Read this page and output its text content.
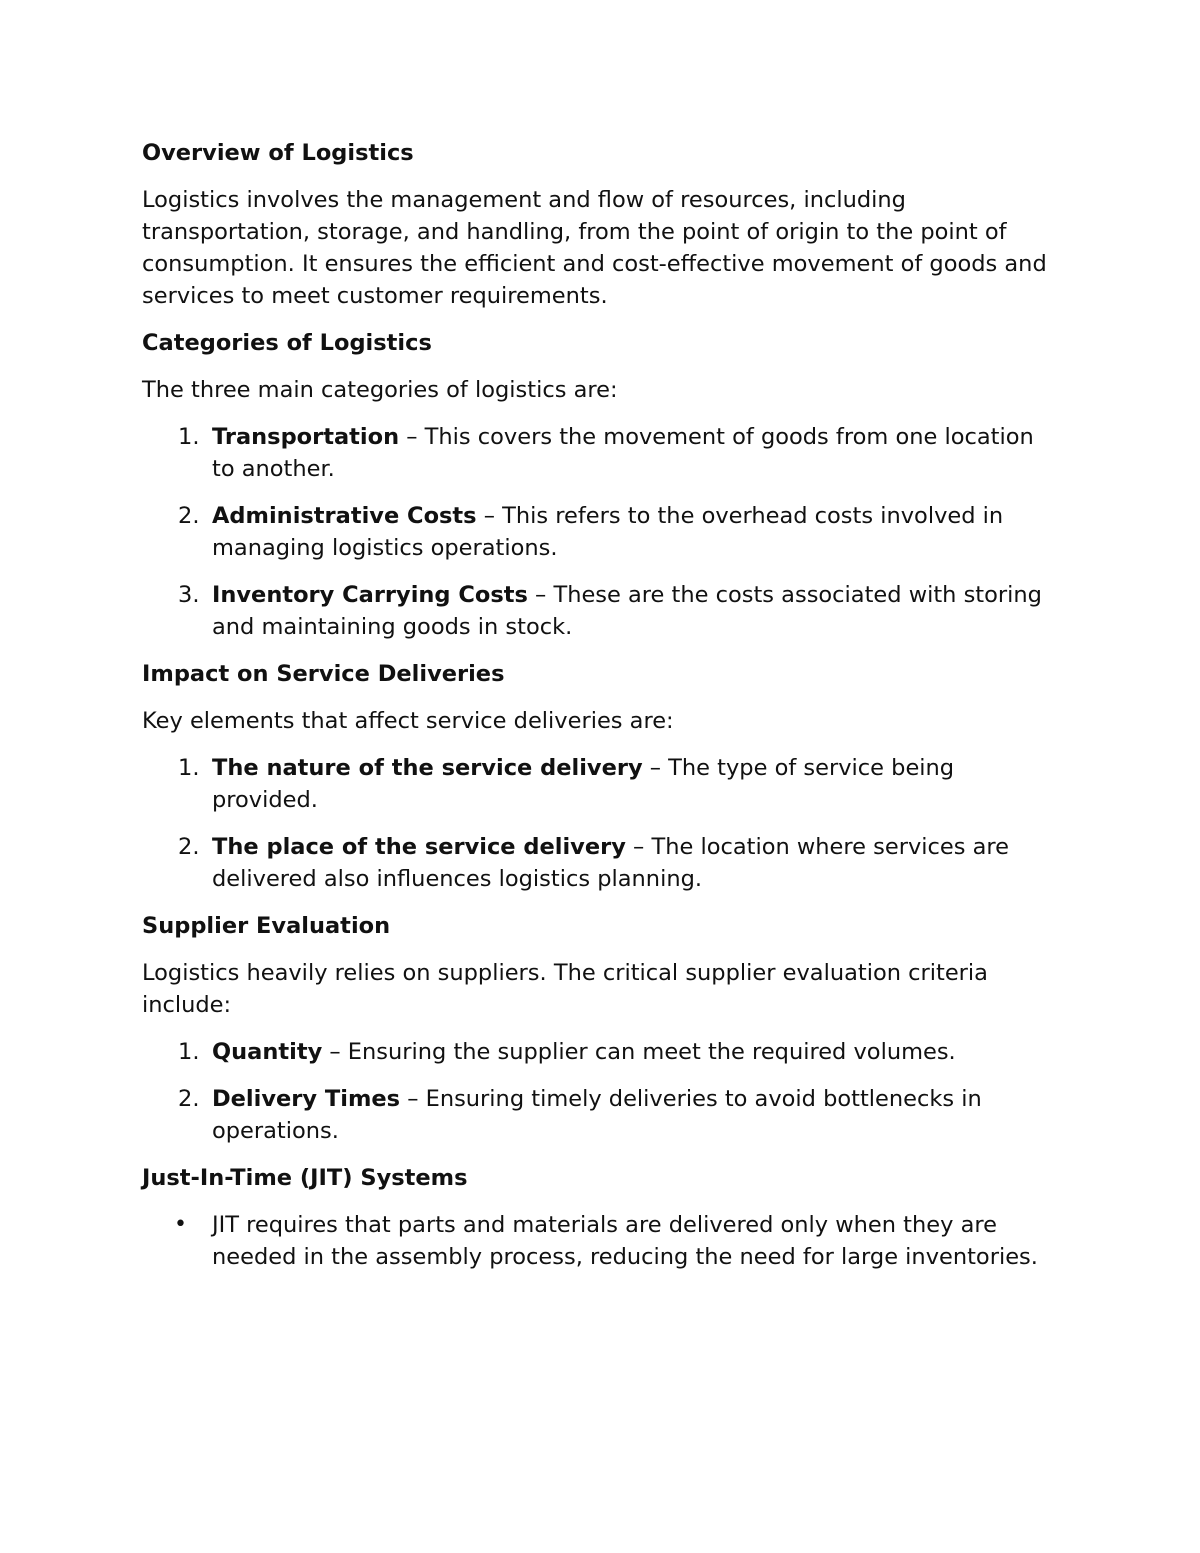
Overview of Logistics
Logistics involves the management and flow of resources, including transportation, storage, and handling, from the point of origin to the point of consumption. It ensures the efficient and cost-effective movement of goods and services to meet customer requirements.
Categories of Logistics
The three main categories of logistics are:
1. Transportation – This covers the movement of goods from one location to another.
2. Administrative Costs – This refers to the overhead costs involved in managing logistics operations.
3. Inventory Carrying Costs – These are the costs associated with storing and maintaining goods in stock.
Impact on Service Deliveries
Key elements that affect service deliveries are:
1. The nature of the service delivery – The type of service being provided.
2. The place of the service delivery – The location where services are delivered also influences logistics planning.
Supplier Evaluation
Logistics heavily relies on suppliers. The critical supplier evaluation criteria include:
1. Quantity – Ensuring the supplier can meet the required volumes.
2. Delivery Times – Ensuring timely deliveries to avoid bottlenecks in operations.
Just-In-Time (JIT) Systems
• JIT requires that parts and materials are delivered only when they are needed in the assembly process, reducing the need for large inventories.
